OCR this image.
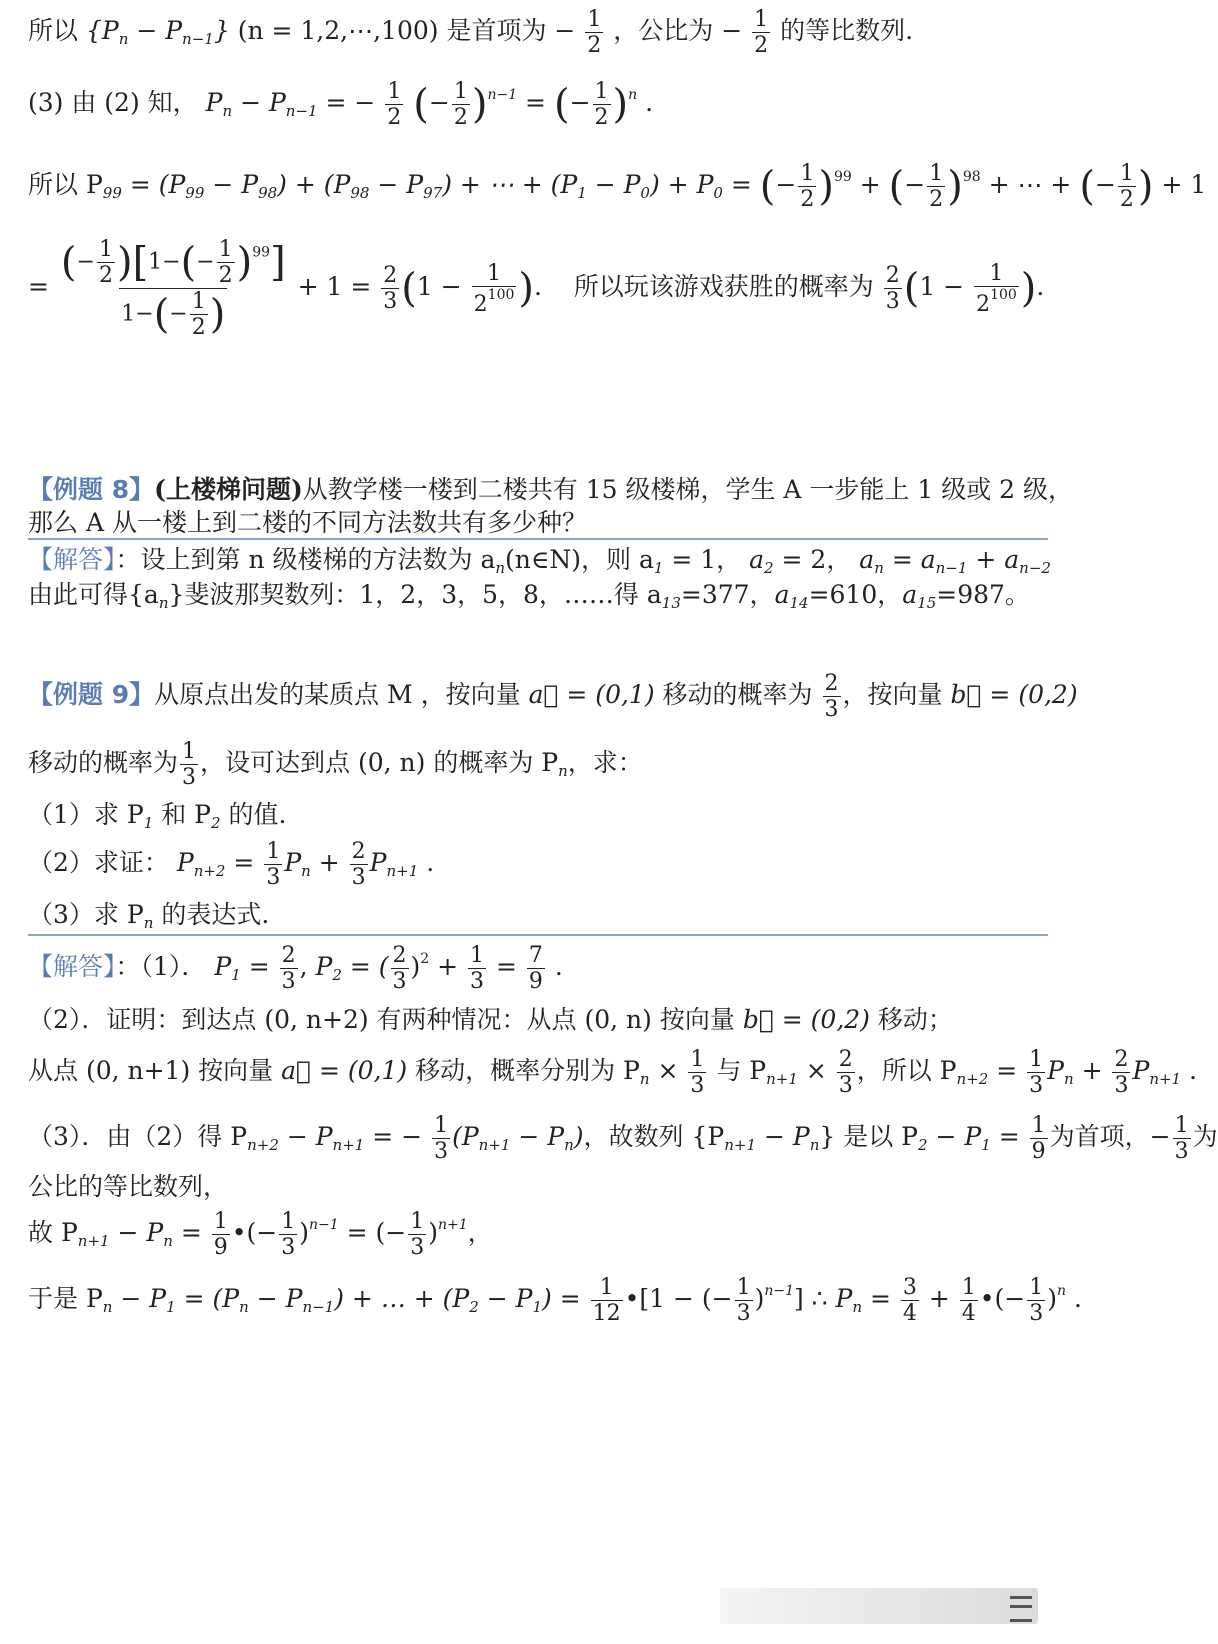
所以 $\{P_n - P_{n-1}\} (n$ = 1,2,⋯,100) 是首项为 − $\frac{1}{2}$ ，公比为 − $\frac{1}{2}$ 的等比数列.
(3) 由 (2) 知， $P_n - P_{n-1}$ = − $\frac{1}{2}$ (− $\frac{1}{2} )^{n-1}$ = (− $\frac{1}{2} )^n$ .
所以 $P_{99} = (P_{99} - P_{98}) + (P_{98} - P_{97})$ + ⋯ + $(P_1 - P_0) + P_0$ = (− $\frac{1}{2} )^{99}$ + (− $\frac{1}{2} )^{98}$ + ⋯ + (− $\frac{1}{2}$ ) + 1
= $\frac{(- \frac{1}{2} )[1-(- \frac{1}{2} )^{99}]}{1-(- \frac{1}{2} )} + 1 = \frac{2}{3} (1 - \frac{1}{2^{100}}$ ).    所以玩该游戏获胜的概率为 $\frac{2}{3} (1 - \frac{1}{2^{100}}$ ).
【例题 8】(上楼梯问题)从教学楼一楼到二楼共有 15 级楼梯，学生 A 一步能上 1 级或 2 级，
那么 A 从一楼上到二楼的不同方法数共有多少种？
【解答】：设上到第 n 级楼梯的方法数为 $a_n(n\in N)$，则 $a_1 = 1$， $a_2 = 2$， $a_n = a_{n-1} + a_{n-2}$
由此可得$\{a_n\}$斐波那契数列：1，2，3，5，8，……得 $a_{13}=377$，$a_{14}=610$，$a_{15}=987$。
【例题 9】从原点出发的某质点 M ，按向量 a⃗ = (0,1) 移动的概率为 $\frac{2}{3}$ ，按向量 b⃗ = (0,2)
移动的概率为 $\frac{1}{3}$ ，设可达到点 (0, n) 的概率为 $P_n$，求：
（1）求 $P_1$ 和 $P_2$ 的值.
（2）求证： $P_{n+2} = \frac{1}{3} P_n + \frac{2}{3} P_{n+1}$ .
（3）求 $P_n$ 的表达式.
【解答】：（1）． $P_1 = \frac{2}{3}$ , $P_2$ = ( $\frac{2}{3} )^2 + \frac{1}{3} = \frac{7}{9}$ .
（2）．证明：到达点 (0, n+2) 有两种情况：从点 (0, n) 按向量 b⃗ = (0,2) 移动；
从点 (0, n+1) 按向量 a⃗ = (0,1) 移动，概率分别为 $P_n \times \frac{1}{3}$ 与 $P_{n+1} \times \frac{2}{3}$ ，所以 $P_{n+2} = \frac{1}{3} P_n + \frac{2}{3} P_{n+1}$ .
（3）．由（2）得 $P_{n+2} - P_{n+1}$ = − $\frac{1}{3} (P_{n+1} - P_n)$，故数列 $\{P_{n+1} - P_n\}$ 是以 $P_2 - P_1 = \frac{1}{9}$ 为首项，− $\frac{1}{3}$ 为
公比的等比数列，
故 $P_{n+1} - P_n = \frac{1}{9}$ •(− $\frac{1}{3} )^{n-1}$ = (− $\frac{1}{3} )^{n+1}$，
于是 $P_n - P_1 = (P_n - P_{n-1})$ + … + $(P_2 - P_1) = \frac{1}{12}$ •[1 − (− $\frac{1}{3} )^{n-1}$] ∴ $P_n = \frac{3}{4} + \frac{1}{4}$ •(− $\frac{1}{3} )^n$ .
